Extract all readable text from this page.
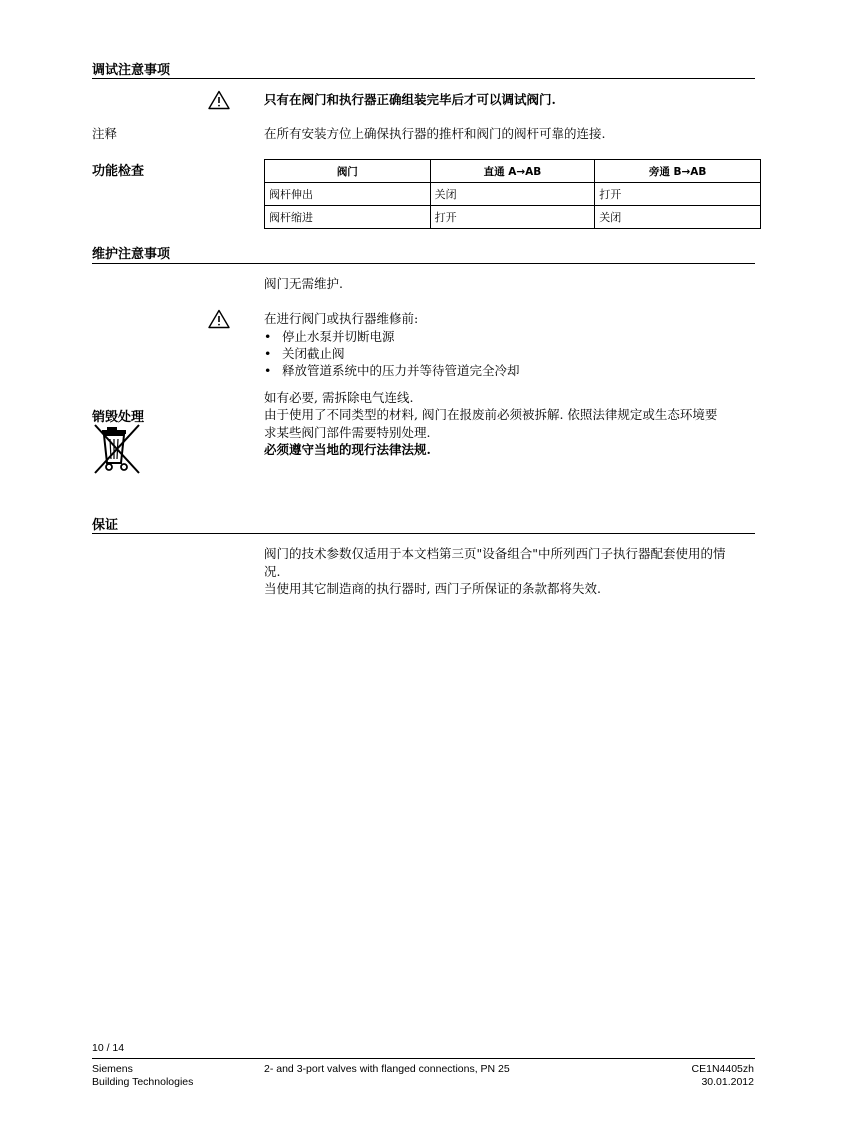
调试注意事项
只有在阀门和执行器正确组装完毕后才可以调试阀门.
注释	在所有安装方位上确保执行器的推杆和阀门的阀杆可靠的连接.
功能检查	阀门	直通 A→AB	旁通 B→AB
阀杆伸出	关闭	打开
阀杆缩进	打开	关闭
维护注意事项
阀门无需维护.
在进行阀门或执行器维修前:
• 停止水泵并切断电源
• 关闭截止阀
• 释放管道系统中的压力并等待管道完全冷却
如有必要, 需拆除电气连线.
销毁处理	由于使用了不同类型的材料, 阀门在报废前必须被拆解. 依照法律规定或生态环境要
求某些阀门部件需要特别处理.
必须遵守当地的现行法律法规.
保证
阀门的技术参数仅适用于本文档第三页"设备组合"中所列西门子执行器配套使用的情
况.
当使用其它制造商的执行器时, 西门子所保证的条款都将失效.
10 / 14
Siemens
Building Technologies
2- and 3-port valves with flanged connections, PN 25	CE1N4405zh
30.01.2012
